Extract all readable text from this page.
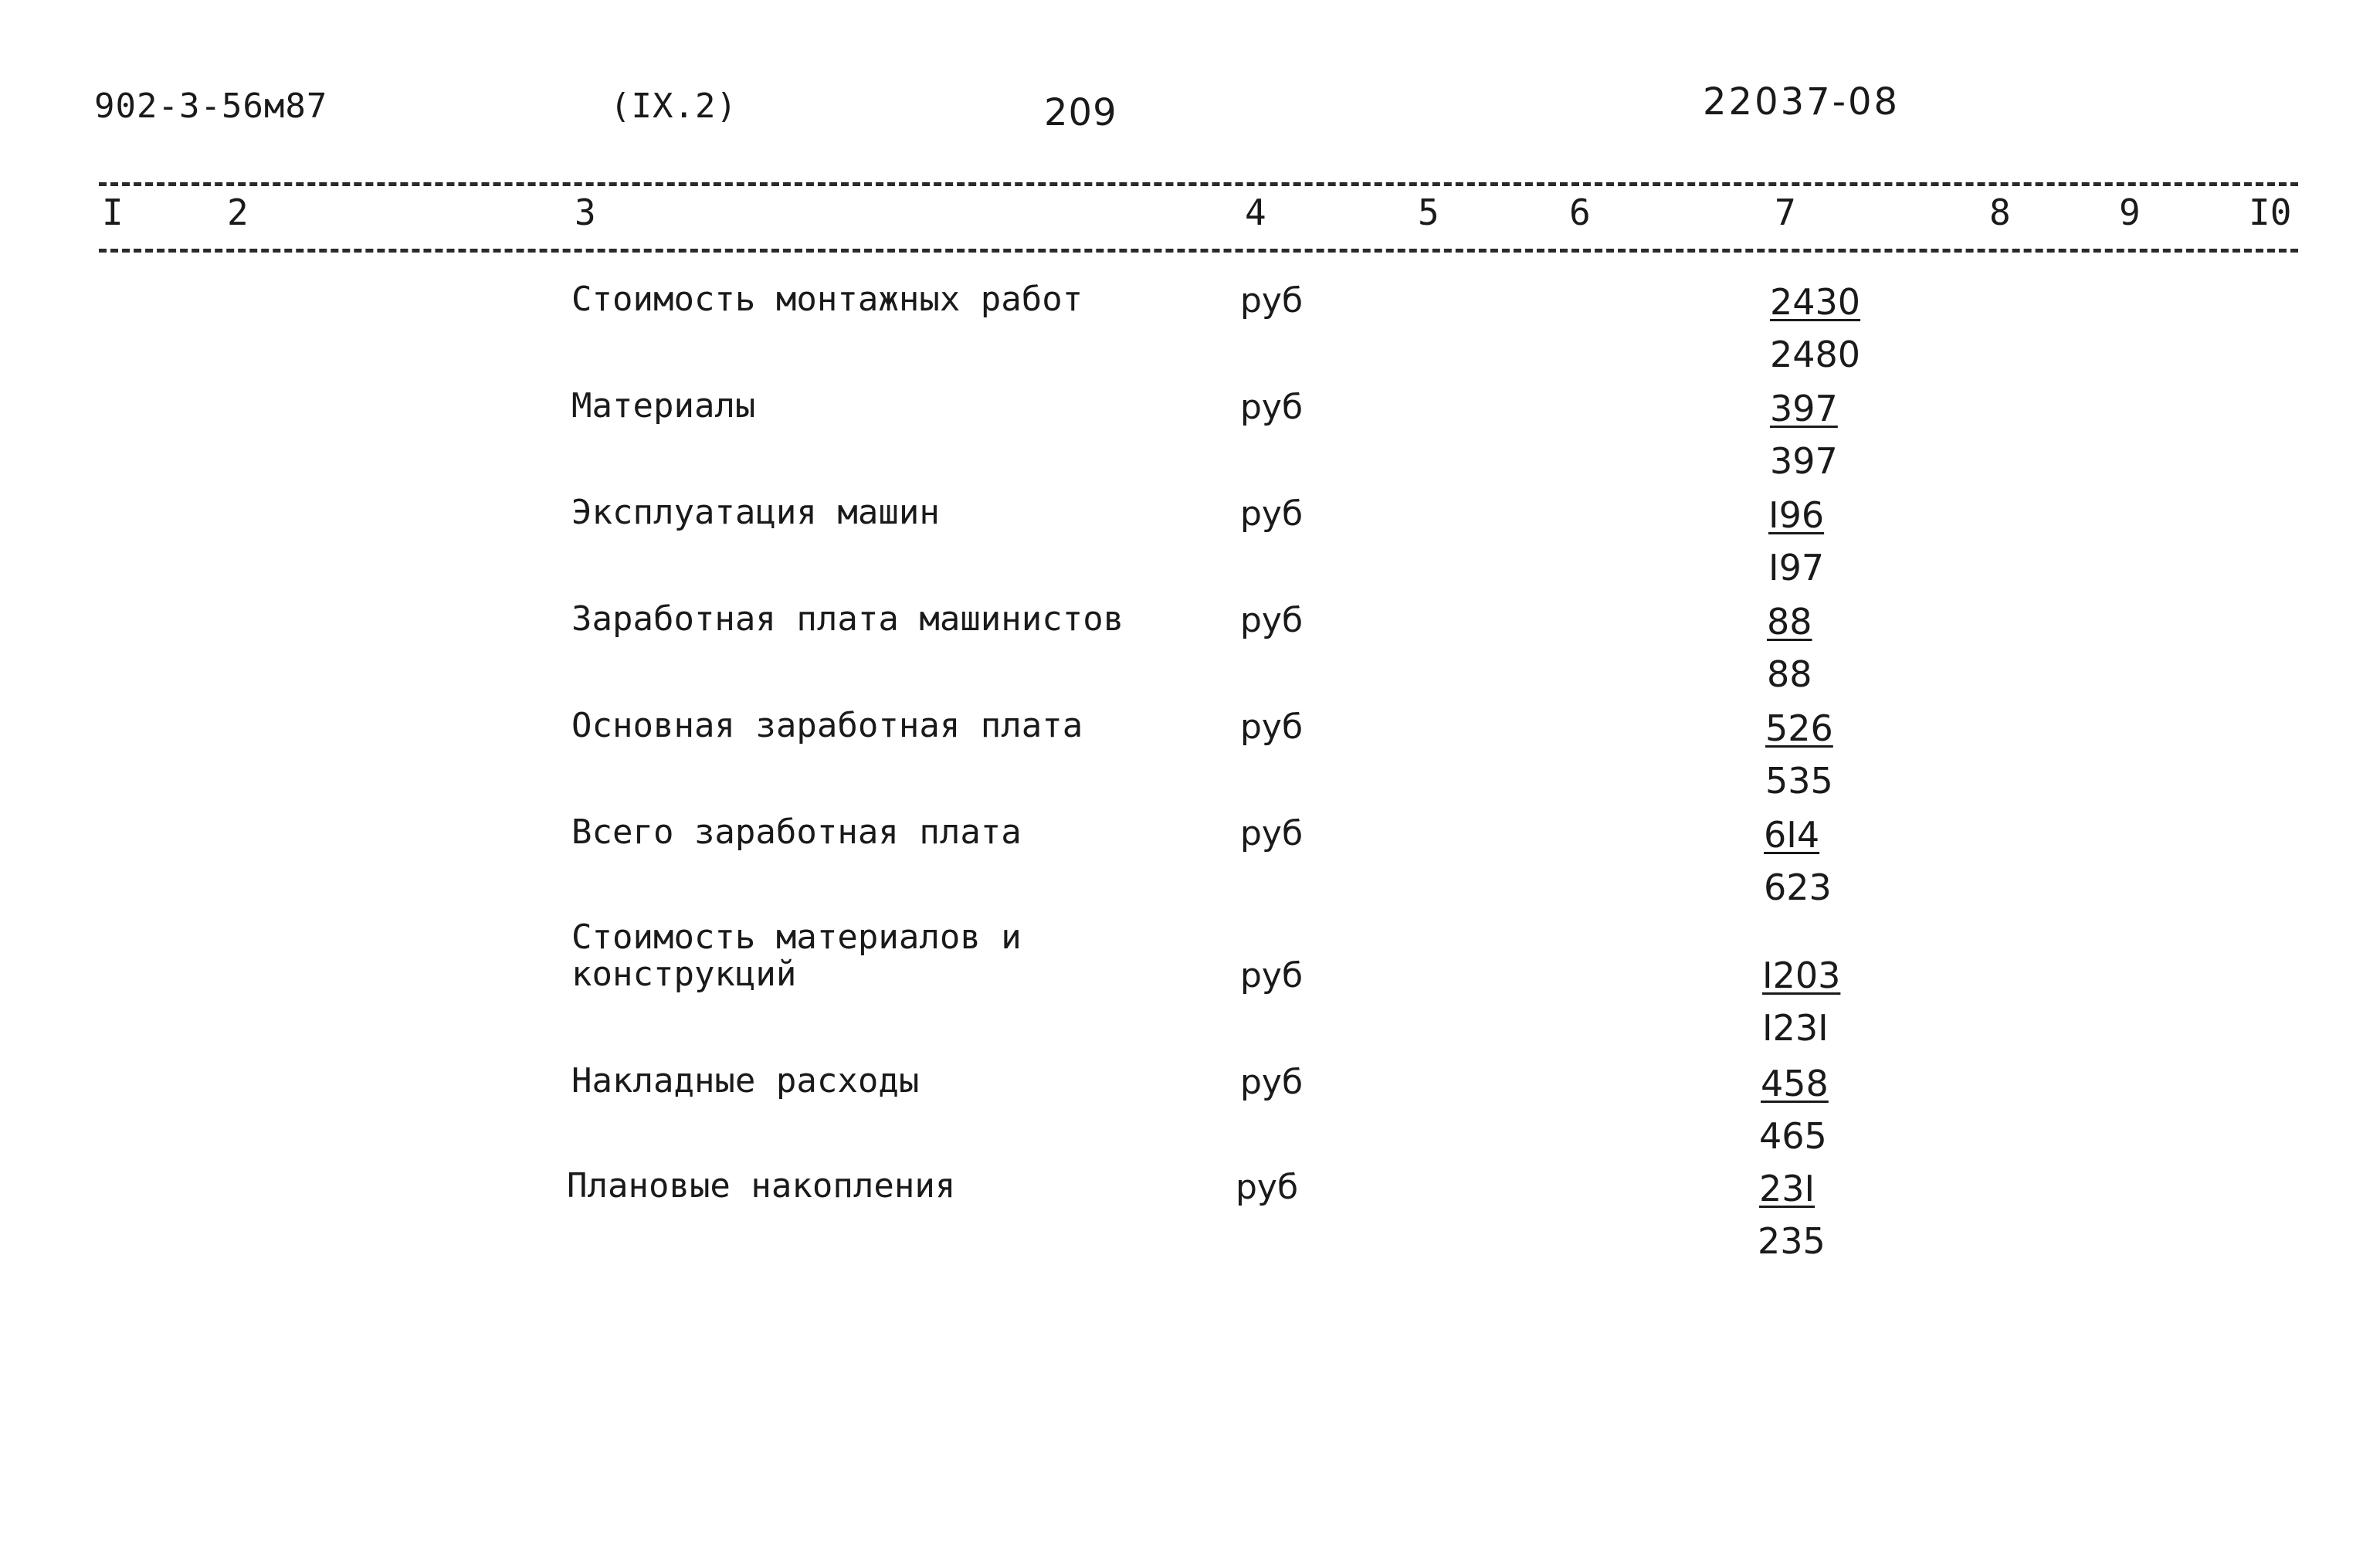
902-3-56м87	(IX.2)	209	22037-08
I	2	3	4	5	6	7	8	9	I0
Стоимость монтажных работ	руб	2430
2480
Материалы	руб	397
397
Эксплуатация машин	руб	I96
I97
Заработная плата машинистов	руб	88
88
Основная заработная плата	руб	526
535
Всего заработная плата	руб	6I4
623
Стоимость материалов и
конструкций	руб	I203
I23I
Накладные расходы	руб	458
465
Плановые накопления	руб	23I
235
